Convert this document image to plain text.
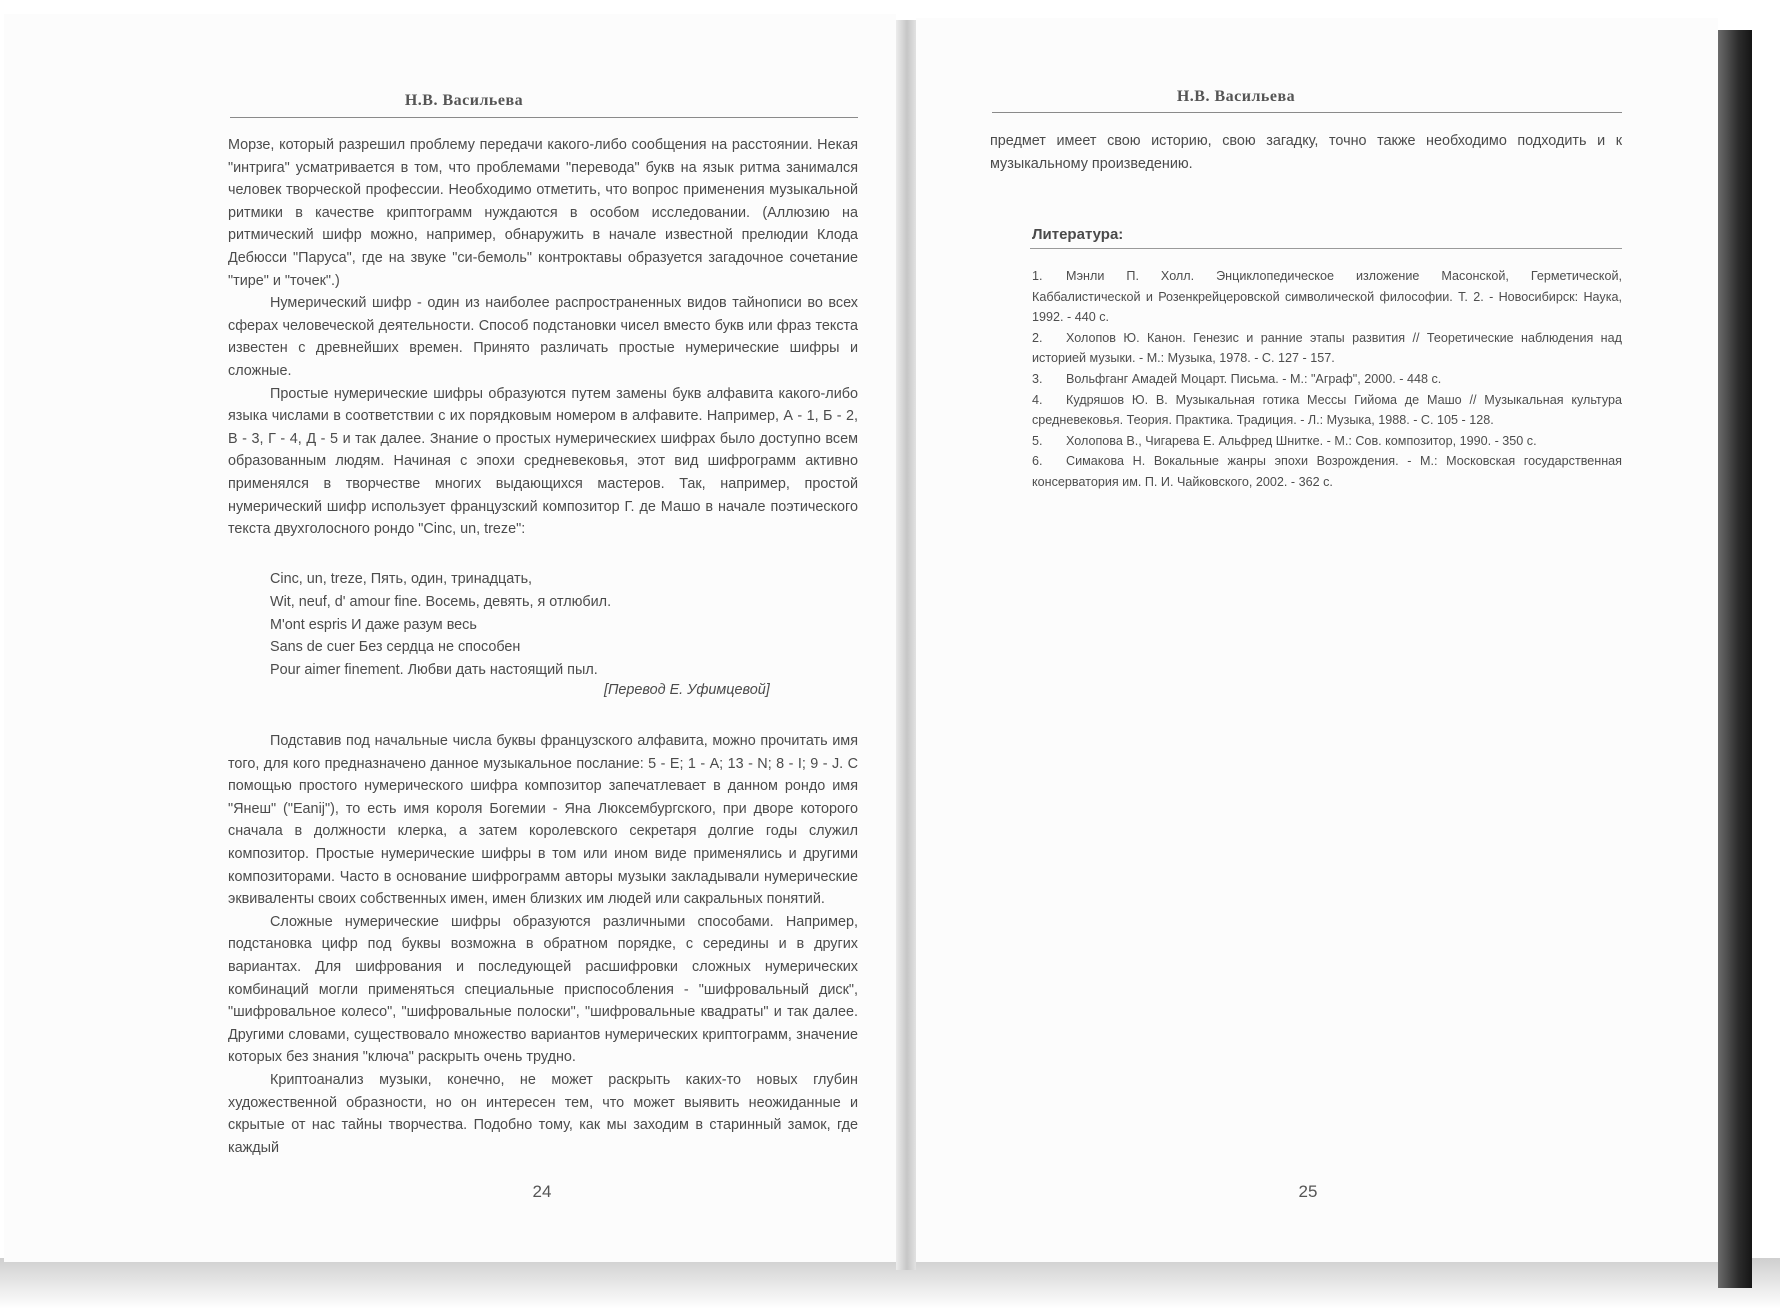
Н.В. Васильева

Морзе, который разрешил проблему передачи какого-либо сообщения на расстоянии. Некая "интрига" усматривается в том, что проблемами "перевода" букв на язык ритма занимался человек творческой профессии. Необходимо отметить, что вопрос применения музыкальной ритмики в качестве криптограмм нуждаются в особом исследовании. (Аллюзию на ритмический шифр можно, например, обнаружить в начале известной прелюдии Клода Дебюсси "Паруса", где на звуке "си-бемоль" контроктавы образуется загадочное сочетание "тире" и "точек".)

Нумерический шифр - один из наиболее распространенных видов тайнописи во всех сферах человеческой деятельности. Способ подстановки чисел вместо букв или фраз текста известен с древнейших времен. Принято различать простые нумерические шифры и сложные.

Простые нумерические шифры образуются путем замены букв алфавита какого-либо языка числами в соответствии с их порядковым номером в алфавите. Например, А - 1, Б - 2, В - 3, Г - 4, Д - 5 и так далее. Знание о простых нумерическиех шифрах было доступно всем образованным людям. Начиная с эпохи средневековья, этот вид шифрограмм активно применялся в творчестве многих выдающихся мастеров. Так, например, простой нумерический шифр использует французский композитор Г. де Машо в начале поэтического текста двухголосного рондо "Cinc, un, treze":

Cinc, un, treze, Пять, один, тринадцать,
Wit, neuf, d' amour fine. Восемь, девять, я отлюбил.
M'ont espris И даже разум весь
Sans de cuer Без сердца не способен
Pour aimer finement. Любви дать настоящий пыл.
[Перевод Е. Уфимцевой]

Подставив под начальные числа буквы французского алфавита, можно прочитать имя того, для кого предназначено данное музыкальное послание: 5 - Е; 1 - А; 13 - N; 8 - I; 9 - J. С помощью простого нумерического шифра композитор запечатлевает в данном рондо имя "Янеш" ("Eanij"), то есть имя короля Богемии - Яна Люксембургского, при дворе которого сначала в должности клерка, а затем королевского секретаря долгие годы служил композитор. Простые нумерические шифры в том или ином виде применялись и другими композиторами. Часто в основание шифрограмм авторы музыки закладывали нумерические эквиваленты своих собственных имен, имен близких им людей или сакральных понятий.

Сложные нумерические шифры образуются различными способами. Например, подстановка цифр под буквы возможна в обратном порядке, с середины и в других вариантах. Для шифрования и последующей расшифровки сложных нумерических комбинаций могли применяться специальные приспособления - "шифровальный диск", "шифровальное колесо", "шифровальные полоски", "шифровальные квадраты" и так далее. Другими словами, существовало множество вариантов нумерических криптограмм, значение которых без знания "ключа" раскрыть очень трудно.

Криптоанализ музыки, конечно, не может раскрыть каких-то новых глубин художественной образности, но он интересен тем, что может выявить неожиданные и скрытые от нас тайны творчества. Подобно тому, как мы заходим в старинный замок, где каждый

24
Н.В. Васильева

предмет имеет свою историю, свою загадку, точно также необходимо подходить и к музыкальному произведению.

Литература:

1. Мэнли П. Холл. Энциклопедическое изложение Масонской, Герметической, Каббалистической и Розенкрейцеровской символической философии. Т. 2. - Новосибирск: Наука, 1992. - 440 с.

2. Холопов Ю. Канон. Генезис и ранние этапы развития // Теоретические наблюдения над историей музыки. - М.: Музыка, 1978. - С. 127 - 157.

3. Вольфганг Амадей Моцарт. Письма. - М.: "Аграф", 2000. - 448 с.

4. Кудряшов Ю. В. Музыкальная готика Мессы Гийома де Машо // Музыкальная культура средневековья. Теория. Практика. Традиция. - Л.: Музыка, 1988. - С. 105 - 128.

5. Холопова В., Чигарева Е. Альфред Шнитке. - М.: Сов. композитор, 1990. - 350 с.

6. Симакова Н. Вокальные жанры эпохи Возрождения. - М.: Московская государственная консерватория им. П. И. Чайковского, 2002. - 362 с.

25
